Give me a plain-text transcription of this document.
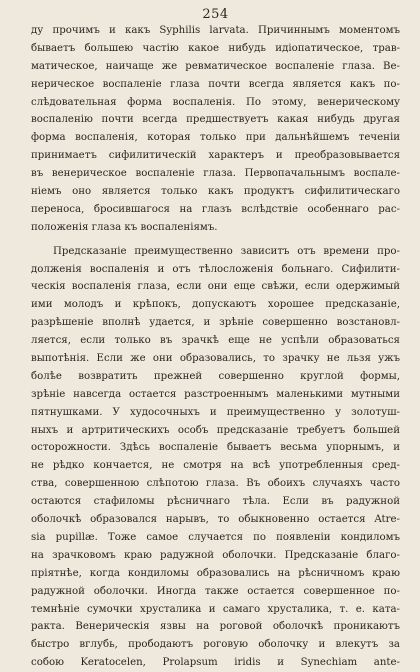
254
ду прочимъ и какъ Syphilis larvata. Причиннымъ моментомъ
бываетъ большею частію какое нибудь идіопатическое, трав-
матическое, наичаще же ревматическое воспаленіе глаза. Ве-
нерическое воспаленіе глаза почти всегда является какъ по-
слѣдовательная форма воспаленія. По этому, венерическому
воспаленію почти всегда предшествуетъ какая нибудь другая
форма воспаленія, которая только при дальнѣйшемъ теченіи
принимаетъ сифилитическій характеръ и преобразовывается
въ венерическое воспаленіе глаза. Первопачальнымъ воспале-
ніемъ оно является только какъ продуктъ сифилитическаго
переноса, бросившагося на глазъ вслѣдствіе особеннаго рас-
положенія глаза къ воспаленіямъ.
Предсказаніе преимущественно зависитъ отъ времени про-
долженія воспаленія и отъ тѣлосложенія больнаго. Сифилити-
ческія воспаленія глаза, если они еще свѣжи, если одержимый
ими молодъ и крѣпокъ, допускаютъ хорошее предсказаніе,
разрѣшеніе вполнѣ удается, и зрѣніе совершенно возстановл-
ляется, если только въ зрачкѣ еще не успѣли образоваться
выпотѣнія. Если же они образовались, то зрачку не льзя ужъ
болѣе возвратить прежней совершенно круглой формы,
зрѣніе навсегда остается разстроеннымъ маленькими мутными
пятнушками. У худосочныхъ и преимущественно у золотуш-
ныхъ и артритическихъ особъ предсказаніе требуетъ большей
осторожности. Здѣсь воспаленіе бываетъ весьма упорнымъ, и
не рѣдко кончается, не смотря на всѣ употребленныя сред-
ства, совершенною слѣпотою глаза. Въ обоихъ случаяхъ часто
остаются стафиломы рѣсничнаго тѣла. Если въ радужной
оболочкѣ образовался нарывъ, то обыкновенно остается Atre-
sia pupillæ. Тоже самое случается по появленіи кондиломъ
на зрачковомъ краю радужной оболочки. Предсказаніе благо-
пріятнѣе, когда кондиломы образовались на рѣсничномъ краю
радужной оболочки. Иногда также остается совершенное по-
темнѣніе сумочки хрусталика и самаго хрусталика, т. е. ката-
ракта. Венерическія язвы на роговой оболочкѣ проникаютъ
быстро вглубь, прободаютъ роговую оболочку и влекутъ за
собою Keratocelen, Prolapsum iridis и Synechiam ante-
